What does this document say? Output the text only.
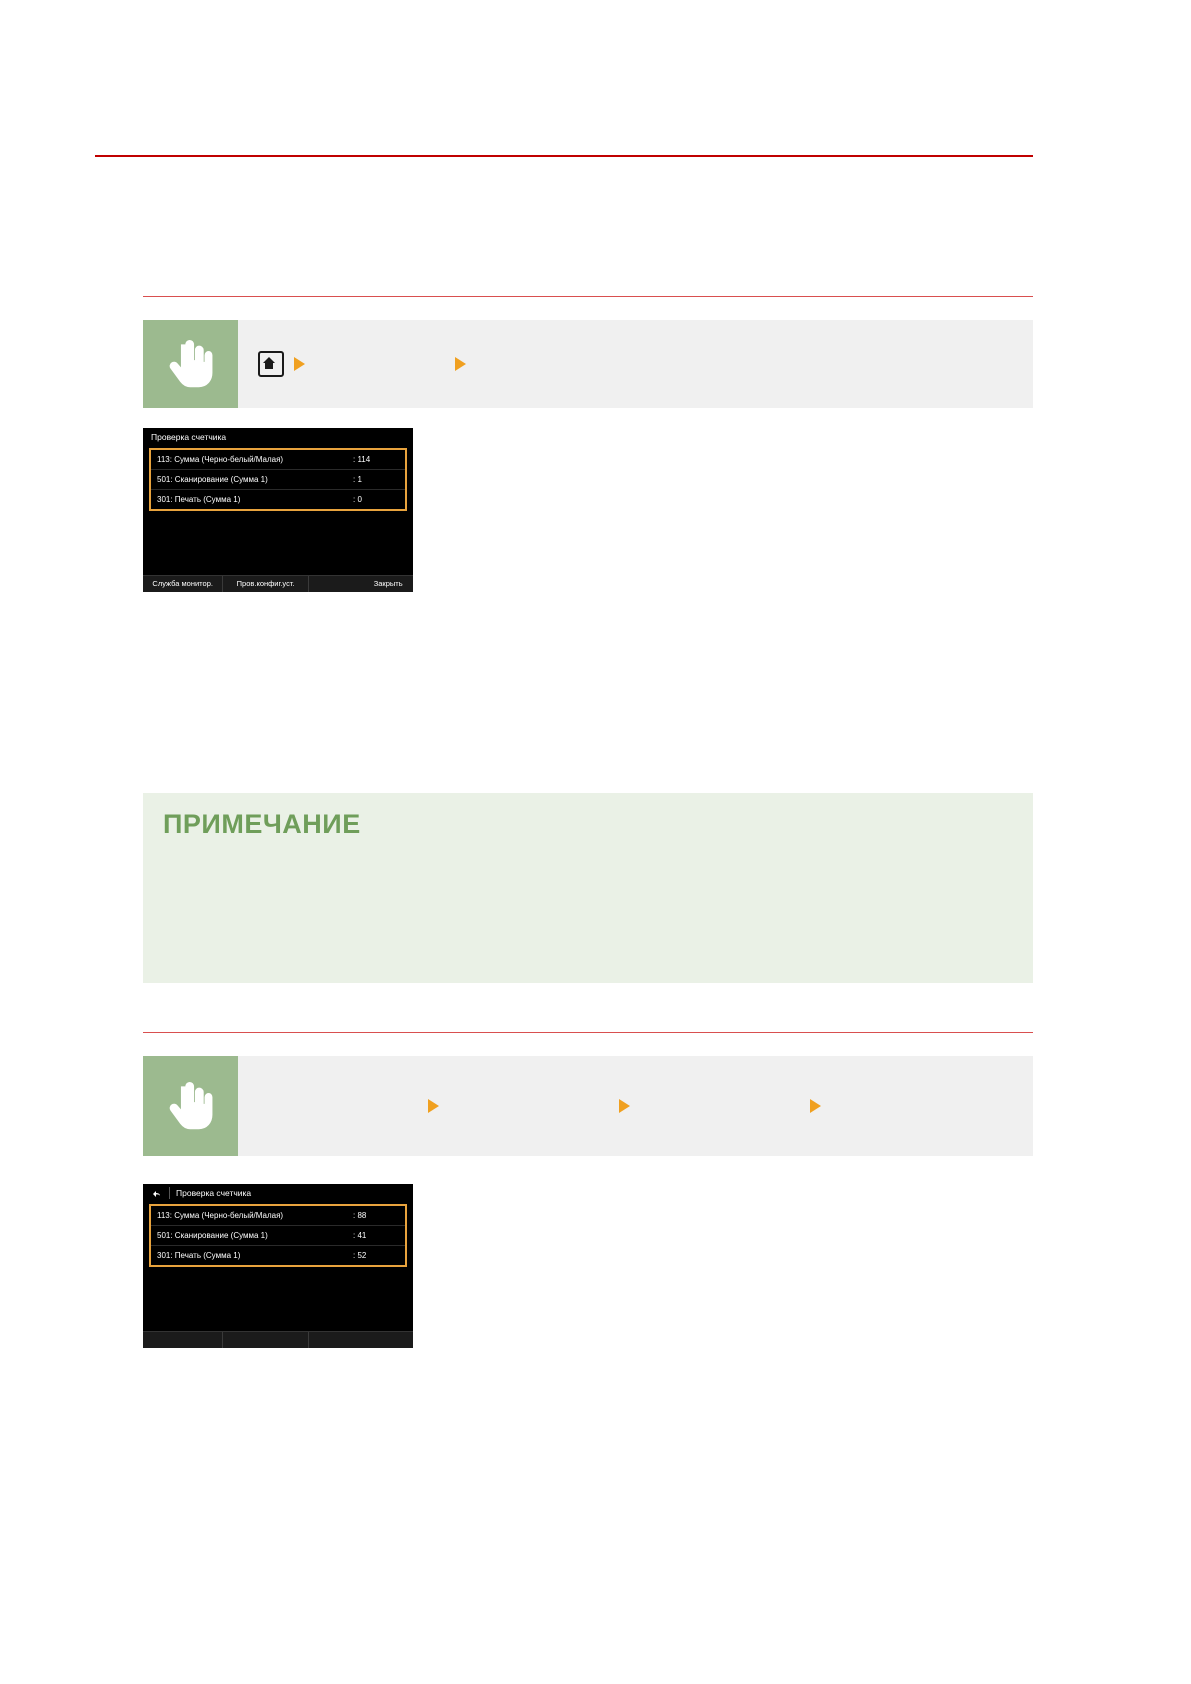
Проверка счетчика
113: Сумма (Черно-белый/Малая)	: 114
501: Сканирование (Сумма 1)	: 1
301: Печать (Сумма 1)	: 0
Служба монитор.	Пров.конфиг.уст.	Закрыть
ПРИМЕЧАНИЕ
Проверка счетчика
113: Сумма (Черно-белый/Малая)	: 88
501: Сканирование (Сумма 1)	: 41
301: Печать (Сумма 1)	: 52
